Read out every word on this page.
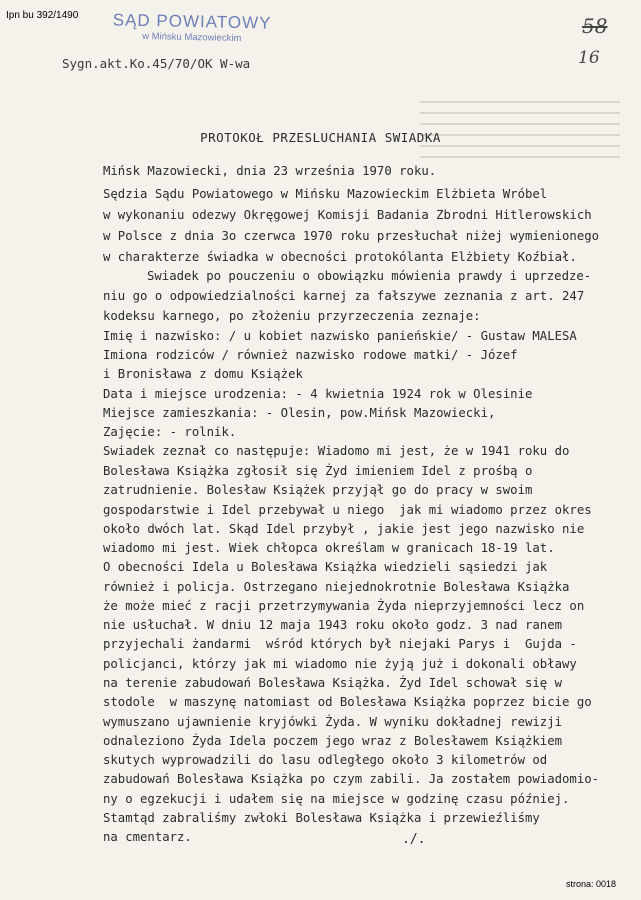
Ipn bu 392/1490 SĄD POWIATOWY
w Mińsku Mazowieckim	58
16
Sygn.akt.Ko.45/70/OK W-wa
PROTOKOŁ PRZESLUCHANIA SWIADKA
Mińsk Mazowiecki, dnia 23 września 1970 roku.
Sędzia Sądu Powiatowego w Mińsku Mazowieckim Elżbieta Wróbel
w wykonaniu odezwy Okręgowej Komisji Badania Zbrodni Hitlerowskich
w Polsce z dnia 3o czerwca 1970 roku przesłuchał niżej wymienionego
w charakterze świadka w obecności protokólanta Elżbiety Koźbiał.
Swiadek po pouczeniu o obowiązku mówienia prawdy i uprzedze-
niu go o odpowiedzialności karnej za fałszywe zeznania z art. 247
kodeksu karnego, po złożeniu przyrzeczenia zeznaje:
Imię i nazwisko: / u kobiet nazwisko panieńskie/ - Gustaw MALESA
Imiona rodziców / również nazwisko rodowe matki/ - Józef
i Bronisława z domu Książek
Data i miejsce urodzenia: - 4 kwietnia 1924 rok w Olesinie
Miejsce zamieszkania: - Olesin, pow.Mińsk Mazowiecki,
Zajęcie: - rolnik.
Swiadek zeznał co następuje: Wiadomo mi jest, że w 1941 roku do
Bolesława Książka zgłosił się Żyd imieniem Idel z prośbą o
zatrudnienie. Bolesław Książek przyjął go do pracy w swoim
gospodarstwie i Idel przebywał u niego  jak mi wiadomo przez okres
około dwóch lat. Skąd Idel przybył , jakie jest jego nazwisko nie
wiadomo mi jest. Wiek chłopca określam w granicach 18-19 lat.
O obecności Idela u Bolesława Książka wiedzieli sąsiedzi jak
również i policja. Ostrzegano niejednokrotnie Bolesława Książka
że może mieć z racji przetrzymywania Żyda nieprzyjemności lecz on
nie usłuchał. W dniu 12 maja 1943 roku około godz. 3 nad ranem
przyjechali żandarmi  wśród których był niejaki Parys i  Gujda -
policjanci, którzy jak mi wiadomo nie żyją już i dokonali obławy
na terenie zabudowań Bolesława Książka. Żyd Idel schował się w
stodole  w maszynę natomiast od Bolesława Książka poprzez bicie go
wymuszano ujawnienie kryjówki Żyda. W wyniku dokładnej rewizji
odnaleziono Żyda Idela poczem jego wraz z Bolesławem Książkiem
skutych wyprowadzili do lasu odległego około 3 kilometrów od
zabudowań Bolesława Książka po czym zabili. Ja zostałem powiadomio-
ny o egzekucji i udałem się na miejsce w godzinę czasu później.
Stamtąd zabraliśmy zwłoki Bolesława Książka i przewieźliśmy
na cmentarz.	./.
strona: 0018
